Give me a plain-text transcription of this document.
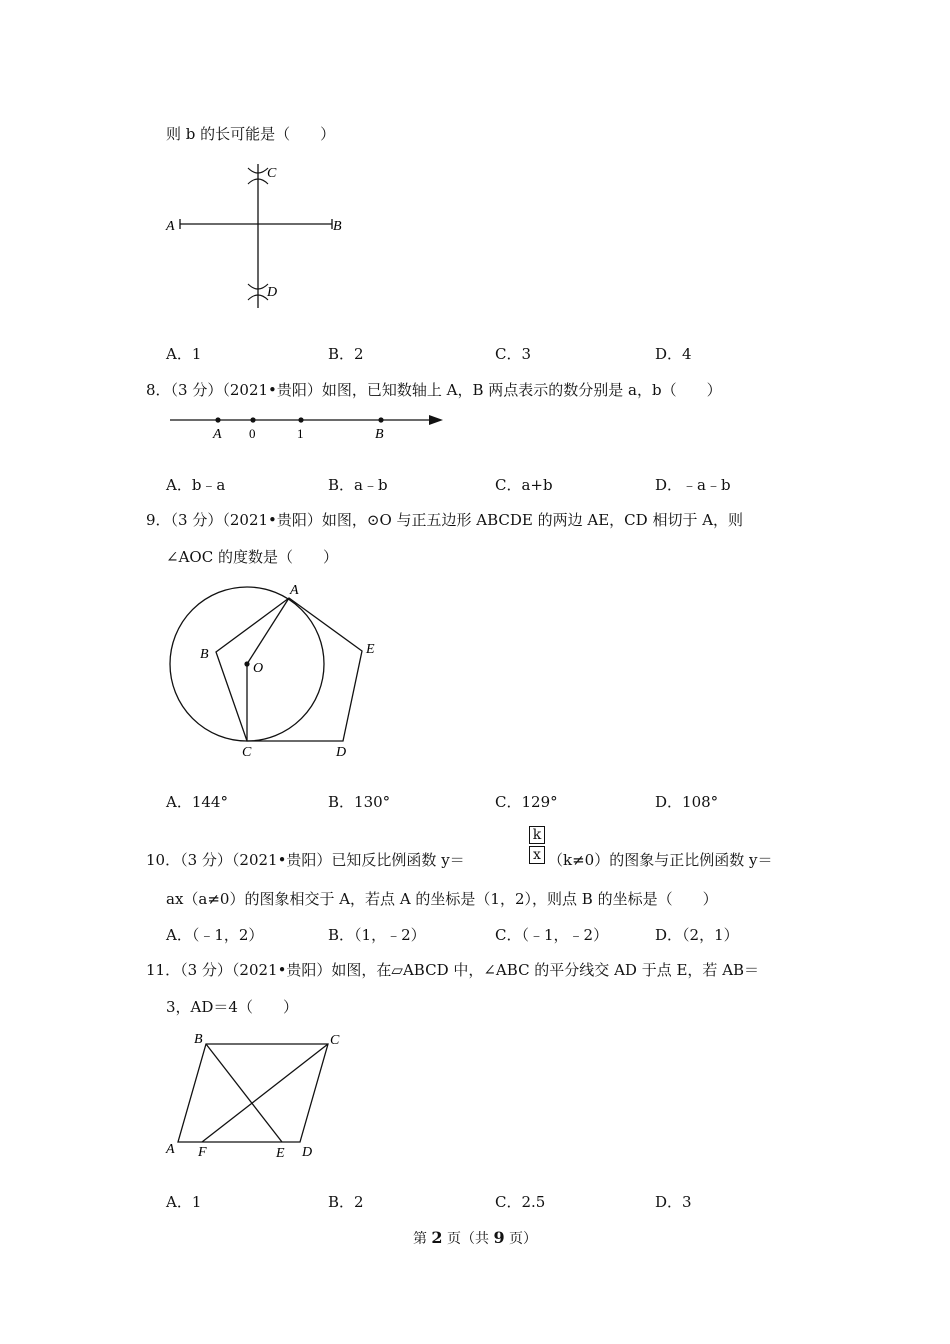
则 b 的长可能是（　　）
A	B
C
D
A．1	B．2	C．3	D．4
8．（3 分）（2021•贵阳）如图，已知数轴上 A，B 两点表示的数分别是 a，b（　　）
A 0	1	B
A．b﹣a	B．a﹣b	C．a+b	D．﹣a﹣b
9．（3 分）（2021•贵阳）如图，⊙O 与正五边形 ABCDE 的两边 AE，CD 相切于 A，则
∠AOC 的度数是（　　）
A
B
C	D
E
O
A．144°	B．130°	C．129°	D．108°
10．（3 分）（2021•贵阳）已知反比例函数 y＝	$\frac{k}{x} (k\ne 0)$的图象与正比例函数 y＝
ax（a≠0）的图象相交于 A，若点 A 的坐标是（1，2），则点 B 的坐标是（　　）
A．（﹣1，2）	B．（1，﹣2）	C．（﹣1，﹣2）	D．（2，1）
11．（3 分）（2021•贵阳）如图，在▱ABCD 中，∠ABC 的平分线交 AD 于点 E，若 AB＝
3，AD＝4（　　）
B	C
A F	E D
A．1	B．2	C．2.5	D．3
第 2 页（共 9 页）
